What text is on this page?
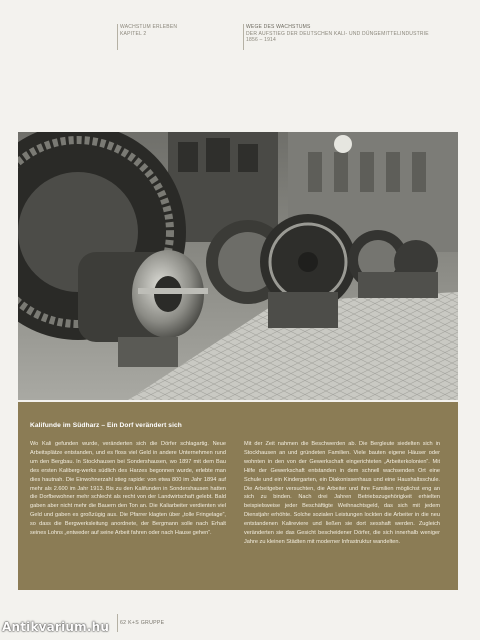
WACHSTUM ERLEBEN
KAPITEL 2
WEGE DES WACHSTUMS
DER AUFSTIEG DER DEUTSCHEN KALI- UND DÜNGEMITTELINDUSTRIE
1856 – 1914
Kalifunde im Südharz – Ein Dorf verändert sich

Wo Kali gefunden wurde, veränderten sich die Dörfer schlagartig. Neue Arbeitsplätze entstanden, und es floss viel Geld in andere Unternehmen rund um den Bergbau. In Stockhausen bei Sondershausen, wo 1897 mit dem Bau des ersten Kaliberg-werks südlich des Harzes begonnen wurde, erlebte man dies hautnah. Die Einwohnerzahl stieg rapide: von etwa 800 im Jahr 1894 auf mehr als 2.600 im Jahr 1913. Bis zu den Kalifunden in Sondershausen hatten die Dorfbewohner mehr schlecht als recht von der Landwirtschaft gelebt. Bald gaben aber nicht mehr die Bauern den Ton an. Die Kaliarbeiter verdienten viel Geld und gaben es großzügig aus. Die Pfarrer klagten über „tolle Fringelage“, so dass die Bergwerksleitung anordnete, der Bergmann solle nach Erhalt seines Lohns „entweder auf seine Arbeit fahren oder nach Hause gehen“.

Mit der Zeit nahmen die Beschwerden ab. Die Bergleute siedelten sich in Stockhausen an und gründeten Familien. Viele bauten eigene Häuser oder wohnten in den von der Gewerkschaft eingerichteten „Arbeiterkolonien“. Mit Hilfe der Gewerkschaft entstanden in dem schnell wachsenden Ort eine Schule und ein Kindergarten, ein Diakonissenhaus und eine Haushaltsschule. Die Arbeitgeber versuchten, die Arbeiter und ihre Familien möglichst eng an sich zu binden. Nach drei Jahren Betriebszugehörigkeit erhielten beispielsweise jeder Beschäftigte Weihnachtsgeld, das sich mit jedem Dienstjahr erhöhte. Solche sozialen Leistungen lockten die Arbeiter in die neu entstandenen Kalireviere und ließen sie dort sesshaft werden. Zugleich veränderten sie das Gesicht bescheidener Dörfer, die sich innerhalb weniger Jahre zu kleinen Städten mit moderner Infrastruktur wandelten.

62 K+S GRUPPE
Antikvarium.hu
